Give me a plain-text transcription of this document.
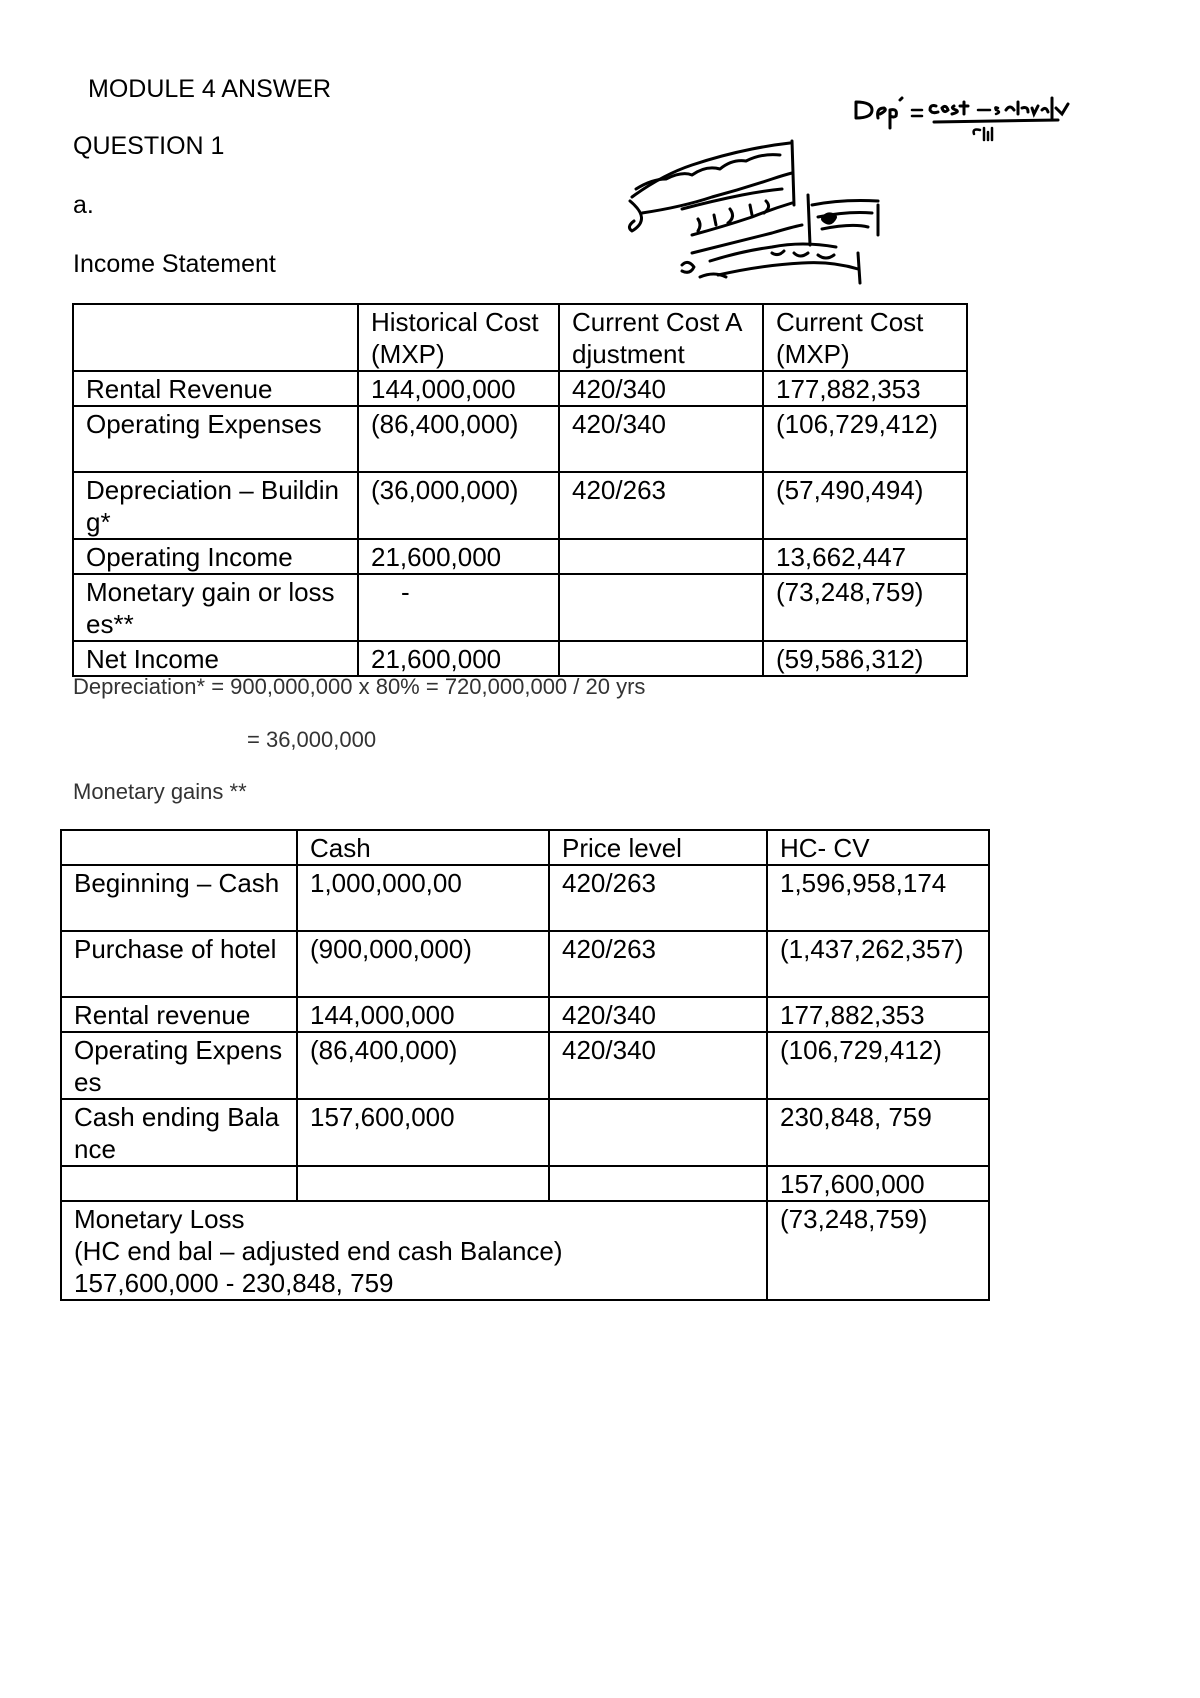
MODULE 4 ANSWER
QUESTION 1
a.
Income Statement
	Historical Cost (MXP)	Current Cost Adjustment	Current Cost (MXP)
Rental Revenue	144,000,000	420/340	177,882,353
Operating Expenses	(86,400,000)	420/340	(106,729,412)
Depreciation – Building*	(36,000,000)	420/263	(57,490,494)
Operating Income	21,600,000		13,662,447
Monetary gain or losses**	-		(73,248,759)
Net Income	21,600,000		(59,586,312)
Depreciation* = 900,000,000 x 80% = 720,000,000 / 20 yrs
= 36,000,000
Monetary gains **
	Cash	Price level	HC- CV
Beginning – Cash	1,000,000,00	420/263	1,596,958,174
Purchase of hotel	(900,000,000)	420/263	(1,437,262,357)
Rental revenue	144,000,000	420/340	177,882,353
Operating Expenses	(86,400,000)	420/340	(106,729,412)
Cash ending Balance	157,600,000		230,848, 759
			157,600,000

Monetary Loss
(HC end bal – adjusted end cash Balance)
157,600,000 - 230,848, 759			(73,248,759)
